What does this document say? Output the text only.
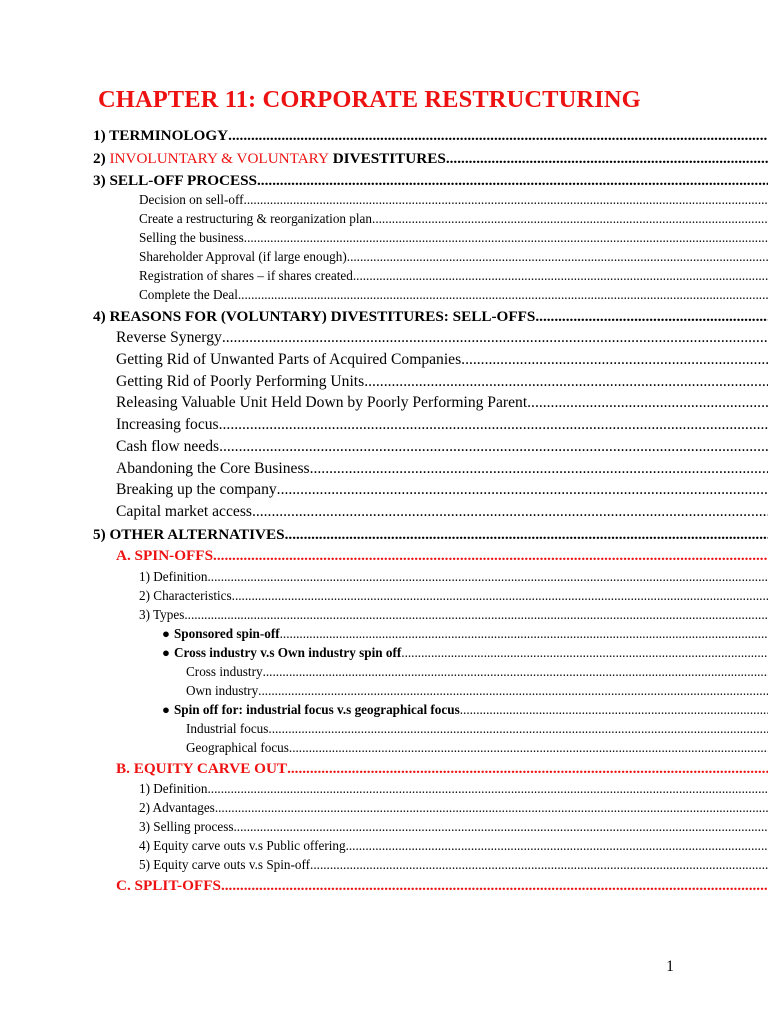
CHAPTER 11: CORPORATE RESTRUCTURING
1) TERMINOLOGY
.....
2) INVOLUNTARY & VOLUNTARY DIVESTITURES
.....
3) SELL-OFF PROCESS
.....
Decision on sell-off
.....
Create a restructuring & reorganization plan
.....
Selling the business
.....
Shareholder Approval (if large enough)
.....
Registration of shares – if shares created
.....
Complete the Deal
.....
4) REASONS FOR (VOLUNTARY) DIVESTITURES: SELL-OFFS
.....
Reverse Synergy
.....
Getting Rid of Unwanted Parts of Acquired Companies
.....
Getting Rid of Poorly Performing Units
.....
Releasing Valuable Unit Held Down by Poorly Performing Parent
.....
Increasing focus
.....
Cash flow needs
.....
Abandoning the Core Business
.....
Breaking up the company
.....
Capital market access
.....
5) OTHER ALTERNATIVES
.....
A. SPIN-OFFS
.....
1) Definition
.....
2) Characteristics
.....
3) Types
.....
● Sponsored spin-off
.....
● Cross industry v.s Own industry spin off
.....
Cross industry
.....
Own industry
.....
● Spin off for: industrial focus v.s geographical focus
.....
Industrial focus
.....
Geographical focus
.....
B. EQUITY CARVE OUT
.....
1) Definition
.....
2) Advantages
.....
3) Selling process
.....
4) Equity carve outs v.s Public offering
.....
5) Equity carve outs v.s Spin-off
.....
C. SPLIT-OFFS
.....
1
